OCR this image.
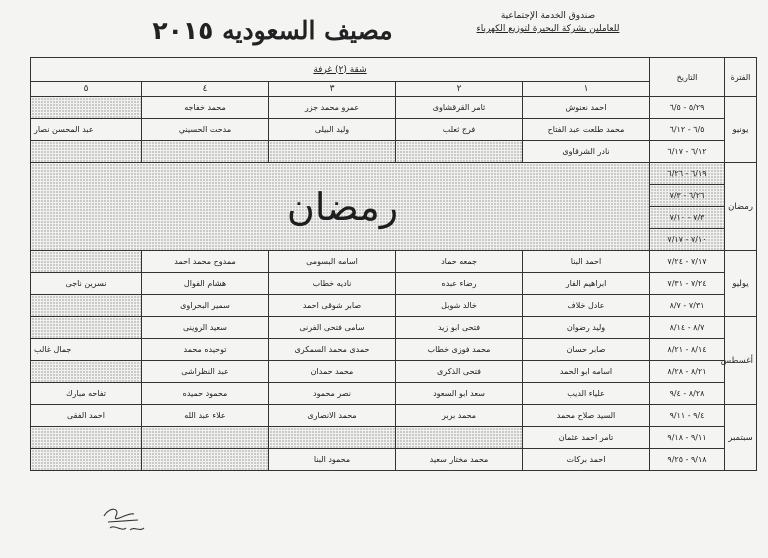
صندوق الخدمة الإجتماعية
للعاملين بشركة البحيرة لتوزيع الكهرباء
مصيف السعوديه ٢٠١٥
الفترة	التاريخ	شقة (٢) غرفة				
		١	٢	٣	٤	٥
يونيو	٥/٢٩ - ٦/٥	احمد نعنوش	ثامر القرقشاوى	عمرو محمد جزر	محمد خفاجه	
	٦/٥ - ٦/١٢	محمد طلعت عبد الفتاح	فرج ثعلب	وليد البيلى	مدحت الحسيني	عبد المحسن نصار
	٦/١٢ - ٦/١٧	نادر الشرقاوى				
رمضان	٦/١٩ - ٦/٢٦					
	٦/٢٦ - ٧/٣					
	٧/٣ - ٧/١٠					
	٧/١٠ - ٧/١٧					
يوليو	٧/١٧ - ٧/٢٤	احمد البنا	جمعه حماد	اسامه البسومى	ممدوح محمد احمد	
	٧/٢٤ - ٧/٣١	ابراهيم الفار	رضاء عبده	ناديه خطاب	هشام الفوال	نسرين ناجى
	٧/٣١ - ٨/٧	عادل خلاف	خالد شوبل	صابر شوقى احمد	سمير البحراوى	
أغسطس	٨/٧ - ٨/١٤	وليد رضوان	فتحى ابو زيد	سامى فتحى الفرنى	سعيد الروينى	
	٨/١٤ - ٨/٢١	صابر حسان	محمد فوزى خطاب	حمدى محمد السمكرى	توحيده محمد	جمال غالب
	٨/٢١ - ٨/٢٨	اسامه ابو الحمد	فتحى الذكرى	محمد حمدان	عبد النظراشى	
	٨/٢٨ - ٩/٤	علياء الديب	سعد ابو السعود	نصر محمود	محمود حميده	تفاحه مبارك
سبتمبر	٩/٤ - ٩/١١	السيد صلاح محمد	محمد بربر	محمد الانصارى	علاء عبد الله	احمد الفقى
	٩/١١ - ٩/١٨	تامر احمد عثمان				
	٩/١٨ - ٩/٢٥	احمد بركات	محمد مختار سعيد	محمود البنا		
رمضان
